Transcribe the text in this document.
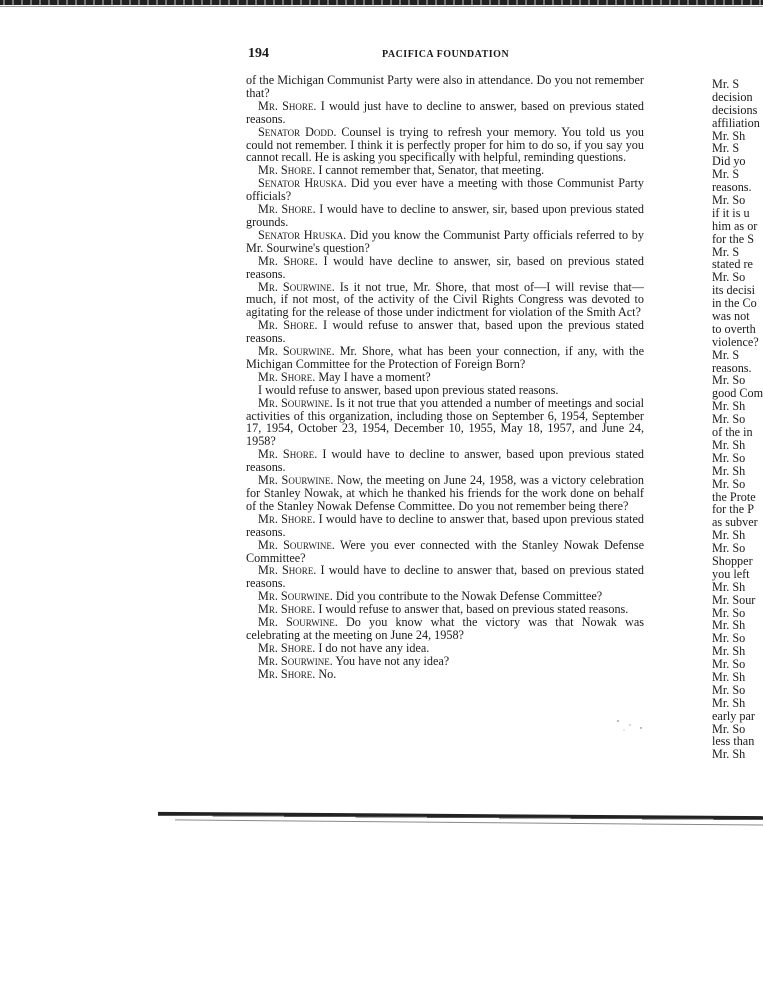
194	PACIFICA FOUNDATION

of the Michigan Communist Party were also in attendance. Do you not remember that?

Mr. Shore. I would just have to decline to answer, based on previous stated reasons.

Senator Dodd. Counsel is trying to refresh your memory. You told us you could not remember. I think it is perfectly proper for him to do so, if you say you cannot recall. He is asking you specifically with helpful, reminding questions.

Mr. Shore. I cannot remember that, Senator, that meeting.

Senator Hruska. Did you ever have a meeting with those Communist Party officials?

Mr. Shore. I would have to decline to answer, sir, based upon previous stated grounds.

Senator Hruska. Did you know the Communist Party officials referred to by Mr. Sourwine's question?

Mr. Shore. I would have decline to answer, sir, based on previous stated reasons.

Mr. Sourwine. Is it not true, Mr. Shore, that most of—I will revise that—much, if not most, of the activity of the Civil Rights Congress was devoted to agitating for the release of those under indictment for violation of the Smith Act?

Mr. Shore. I would refuse to answer that, based upon the previous stated reasons.

Mr. Sourwine. Mr. Shore, what has been your connection, if any, with the Michigan Committee for the Protection of Foreign Born?

Mr. Shore. May I have a moment?

I would refuse to answer, based upon previous stated reasons.

Mr. Sourwine. Is it not true that you attended a number of meetings and social activities of this organization, including those on September 6, 1954, September 17, 1954, October 23, 1954, December 10, 1955, May 18, 1957, and June 24, 1958?

Mr. Shore. I would have to decline to answer, based upon previous stated reasons.

Mr. Sourwine. Now, the meeting on June 24, 1958, was a victory celebration for Stanley Nowak, at which he thanked his friends for the work done on behalf of the Stanley Nowak Defense Committee. Do you not remember being there?

Mr. Shore. I would have to decline to answer that, based upon previous stated reasons.

Mr. Sourwine. Were you ever connected with the Stanley Nowak Defense Committee?

Mr. Shore. I would have to decline to answer that, based on previous stated reasons.

Mr. Sourwine. Did you contribute to the Nowak Defense Committee?

Mr. Shore. I would refuse to answer that, based on previous stated reasons.

Mr. Sourwine. Do you know what the victory was that Nowak was celebrating at the meeting on June 24, 1958?

Mr. Shore. I do not have any idea.

Mr. Sourwine. You have not any idea?

Mr. Shore. No.

Mr. S
decision
decisions
affiliation
Mr. Sh
Mr. S
Did yo
Mr. S
reasons.
Mr. So
if it is u
him as or
for the S
Mr. S
stated re
Mr. So
its decisi
in the Co
was not
to overth
violence?
Mr. S
reasons.
Mr. So
good Com
Mr. Sh
Mr. So
of the in
Mr. Sh
Mr. So
Mr. Sh
Mr. So
the Prote
for the P
as subver
Mr. Sh
Mr. So
Shopper
you left
Mr. Sh
Mr. Sour
Mr. So
Mr. Sh
Mr. So
Mr. Sh
Mr. So
Mr. Sh
Mr. So
Mr. Sh
early par
Mr. So
less than
Mr. Sh
